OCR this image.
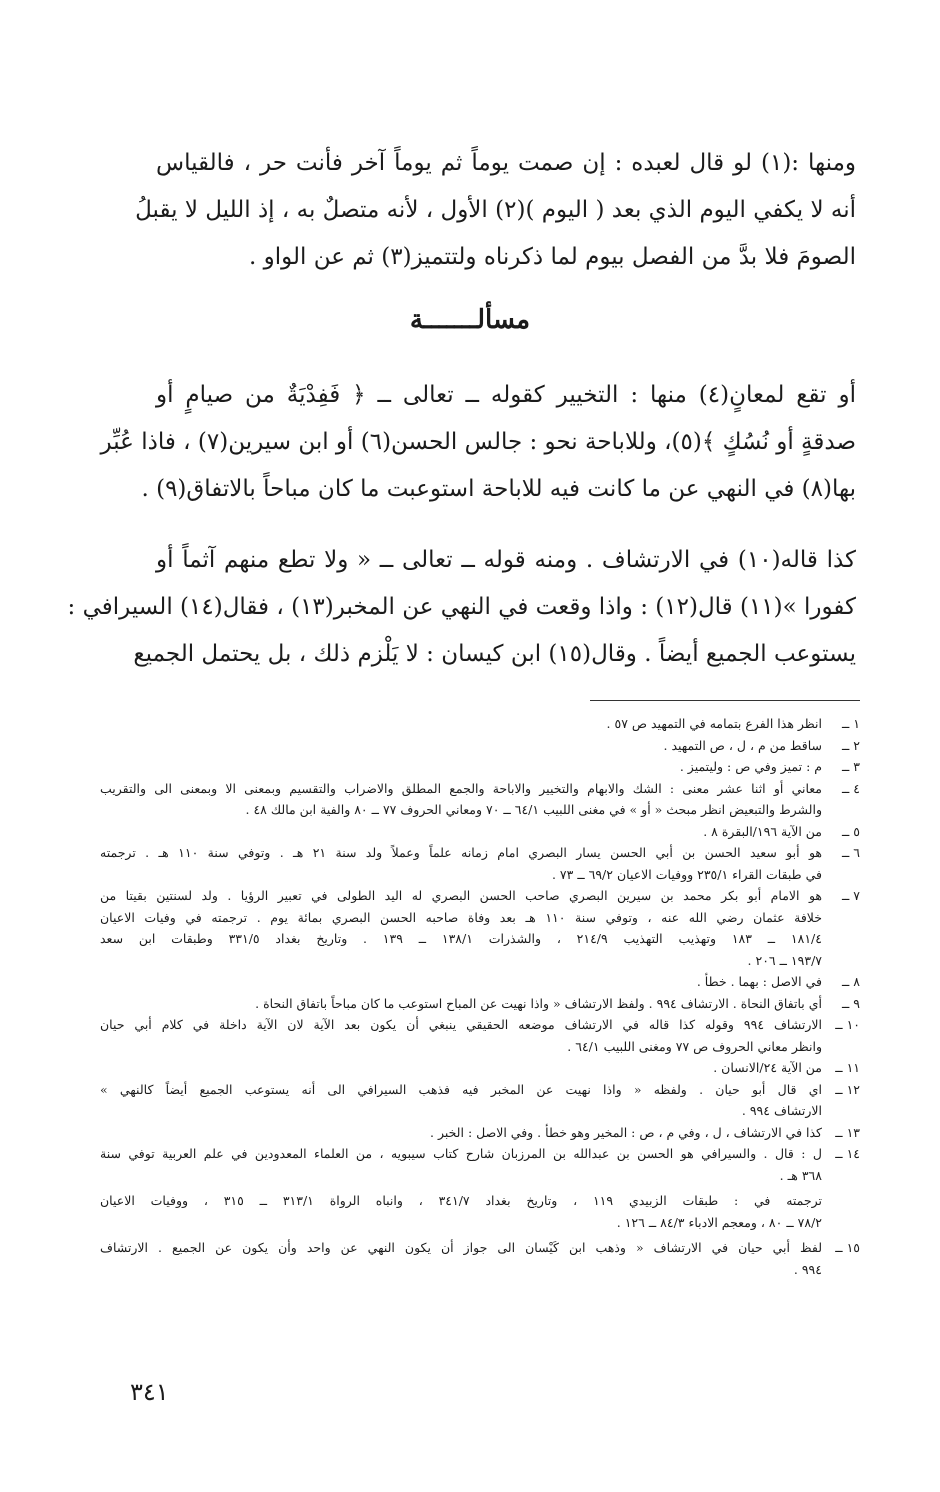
ومنها :(١) لو قال لعبده : إن صمت يوماً ثم يوماً آخر فأنت حر ، فالقياس
أنه لا يكفي اليوم الذي بعد ( اليوم )(٢) الأول ، لأنه متصلٌ به ، إذ الليل لا يقبلُ
الصومَ فلا بدَّ من الفصل بيوم لما ذكرناه ولتتميز(٣) ثم عن الواو .
مسألـــــــة
أو تقع لمعانٍ(٤) منها : التخيير كقوله ــ تعالى ــ ﴿ فَفِدْيَةٌ من صيامٍ أو
صدقةٍ أو نُسُكٍ ﴾(٥)، وللاباحة نحو : جالس الحسن(٦) أو ابن سيرين(٧) ، فاذا عُبِّر
بها(٨) في النهي عن ما كانت فيه للاباحة استوعبت ما كان مباحاً بالاتفاق(٩) .
كذا قاله(١٠) في الارتشاف . ومنه قوله ــ تعالى ــ « ولا تطع منهم آثماً أو
كفورا »(١١) قال(١٢) : واذا وقعت في النهي عن المخبر(١٣) ، فقال(١٤) السيرافي :
يستوعب الجميع أيضاً . وقال(١٥) ابن كيسان : لا يَلْزم ذلك ، بل يحتمل الجميع
١ ــ
انظر هذا الفرع بتمامه في التمهيد ص ٥٧ .
٢ ــ
ساقط من م ، ل ، ص التمهيد .
٣ ــ
م : تميز وفي ص : وليتميز .
٤ ــ
معاني أو اثنا عشر معنى : الشك والابهام والتخيير والاباحة والجمع المطلق والاضراب والتقسيم وبمعنى الا وبمعنى الى والتقريب
والشرط والتبعيض انظر مبحث « أو » في مغنى اللبيب ٦٤/١ ــ ٧٠ ومعاني الحروف ٧٧ ــ ٨٠ والفية ابن مالك ٤٨ .
٥ ــ
من الآية ١٩٦/البقرة ٨ .
٦ ــ
هو أبو سعيد الحسن بن أبي الحسن يسار البصري امام زمانه علماً وعملاً ولد سنة ٢١ هـ . وتوفي سنة ١١٠ هـ . ترجمته
في طبقات القراء ٢٣٥/١ ووفيات الاعيان ٦٩/٢ ــ ٧٣ .
٧ ــ
هو الامام أبو بكر محمد بن سيرين البصري صاحب الحسن البصري له اليد الطولى في تعبير الرؤيا . ولد لسنتين بقيتا من
خلافة عثمان رضي الله عنه ، وتوفي سنة ١١٠ هـ بعد وفاة صاحبه الحسن البصري بمائة يوم . ترجمته في وفيات الاعيان
١٨١/٤ ــ ١٨٣ وتهذيب التهذيب ٢١٤/٩ ، والشذرات ١٣٨/١ ــ ١٣٩ . وتاريخ بغداد ٣٣١/٥ وطبقات ابن سعد
١٩٣/٧ ــ ٢٠٦ .
٨ ــ
في الاصل : بهما . خطأ .
٩ ــ
أي باتفاق النحاة . الارتشاف ٩٩٤ . ولفظ الارتشاف « واذا نهيت عن المباح استوعب ما كان مباحاً باتفاق النحاة .
١٠ ــ
الارتشاف ٩٩٤ وقوله كذا قاله في الارتشاف موضعه الحقيقي ينبغي أن يكون بعد الآية لان الآية داخلة في كلام أبي حيان
وانظر معاني الحروف ص ٧٧ ومغنى اللبيب ٦٤/١ .
١١ ــ
من الآية ٢٤/الانسان .
١٢ ــ
اي قال أبو حيان . ولفظه « واذا نهيت عن المخبر فيه فذهب السيرافي الى أنه يستوعب الجميع أيضاً كالنهي »
الارتشاف ٩٩٤ .
١٣ ــ
كذا في الارتشاف ، ل ، وفي م ، ص : المخير وهو خطأ . وفي الاصل : الخبر .
١٤ ــ
ل : قال . والسيرافي هو الحسن بن عبدالله بن المرزبان شارح كتاب سيبويه ، من العلماء المعدودين في علم العربية توفي سنة
٣٦٨ هـ .
ترجمته في : طبقات الزبيدي ١١٩ ، وتاريخ بغداد ٣٤١/٧ ، وانباه الرواة ٣١٣/١ ــ ٣١٥ ، ووفيات الاعيان
٧٨/٢ ــ ٨٠ ، ومعجم الادباء ٨٤/٣ ــ ١٢٦ .
١٥ ــ
لفظ أبي حيان في الارتشاف « وذهب ابن كَيْسان الى جواز أن يكون النهي عن واحد وأن يكون عن الجميع . الارتشاف
٩٩٤ .
٣٤١
